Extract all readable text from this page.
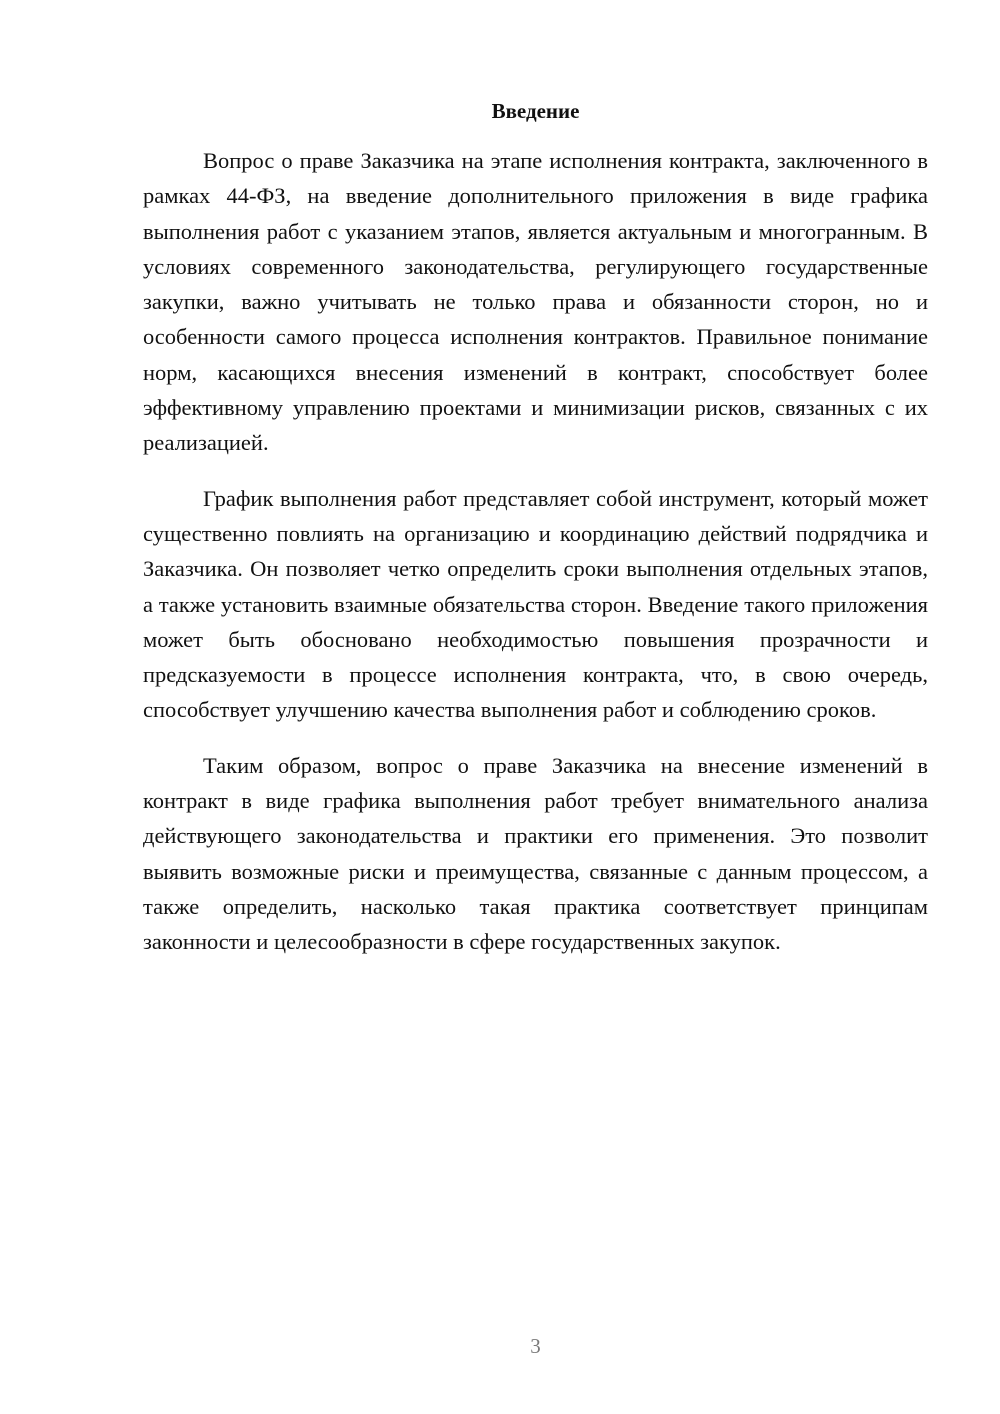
Введение

Вопрос о праве Заказчика на этапе исполнения контракта, заключенного в рамках 44-ФЗ, на введение дополнительного приложения в виде графика выполнения работ с указанием этапов, является актуальным и многогранным. В условиях современного законодательства, регулирующего государственные закупки, важно учитывать не только права и обязанности сторон, но и особенности самого процесса исполнения контрактов. Правильное понимание норм, касающихся внесения изменений в контракт, способствует более эффективному управлению проектами и минимизации рисков, связанных с их реализацией.

График выполнения работ представляет собой инструмент, который может существенно повлиять на организацию и координацию действий подрядчика и Заказчика. Он позволяет четко определить сроки выполнения отдельных этапов, а также установить взаимные обязательства сторон. Введение такого приложения может быть обосновано необходимостью повышения прозрачности и предсказуемости в процессе исполнения контракта, что, в свою очередь, способствует улучшению качества выполнения работ и соблюдению сроков.

Таким образом, вопрос о праве Заказчика на внесение изменений в контракт в виде графика выполнения работ требует внимательного анализа действующего законодательства и практики его применения. Это позволит выявить возможные риски и преимущества, связанные с данным процессом, а также определить, насколько такая практика соответствует принципам законности и целесообразности в сфере государственных закупок.

3
